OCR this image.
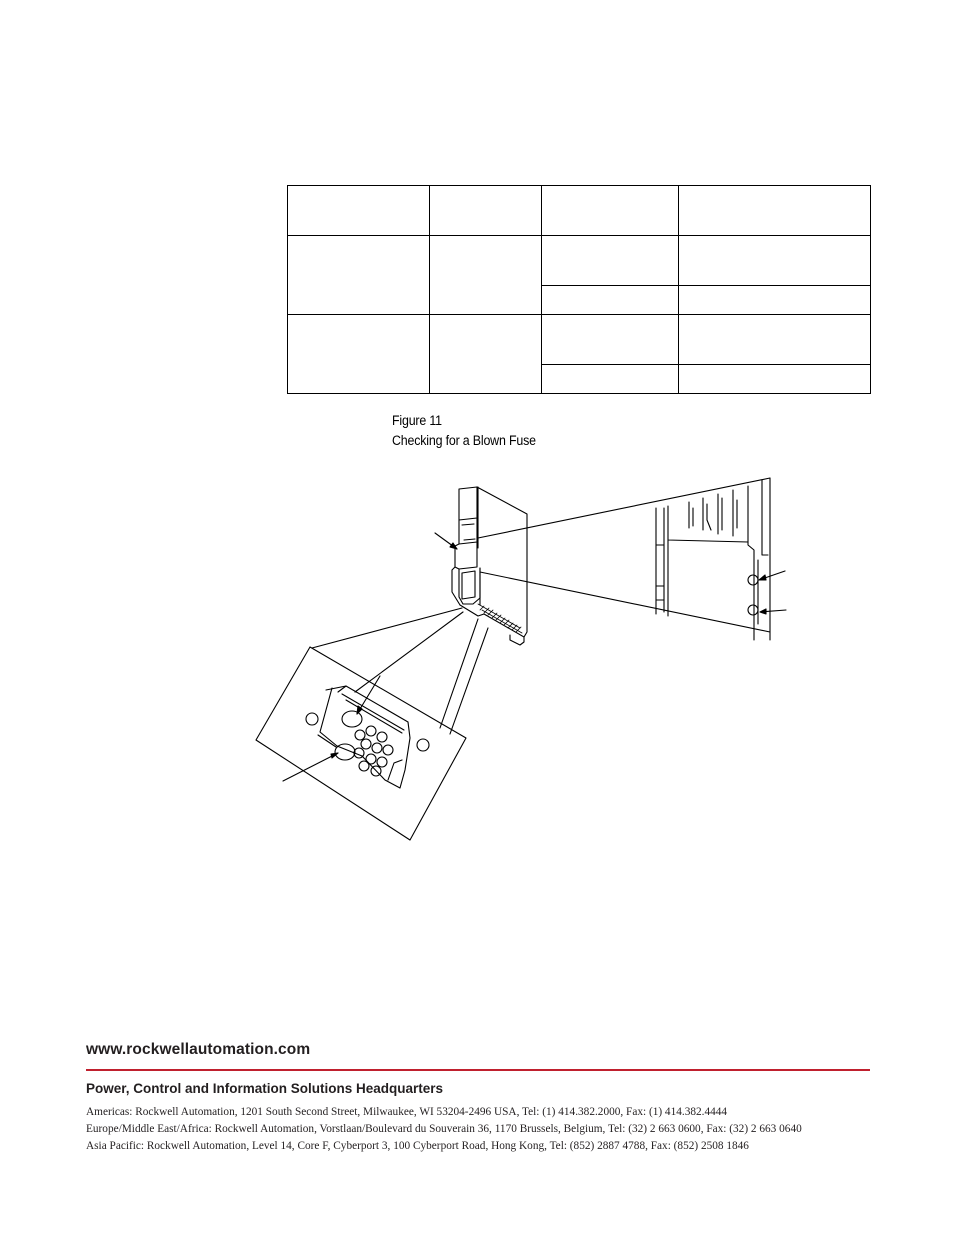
Figure 11
Checking for a Blown Fuse
www.rockwellautomation.com
Power, Control and Information Solutions Headquarters
Americas: Rockwell Automation, 1201 South Second Street, Milwaukee, WI 53204-2496 USA, Tel: (1) 414.382.2000, Fax: (1) 414.382.4444
Europe/Middle East/Africa: Rockwell Automation, Vorstlaan/Boulevard du Souverain 36, 1170 Brussels, Belgium, Tel: (32) 2 663 0600, Fax: (32) 2 663 0640
Asia Pacific: Rockwell Automation, Level 14, Core F, Cyberport 3, 100 Cyberport Road, Hong Kong, Tel: (852) 2887 4788, Fax: (852) 2508 1846
